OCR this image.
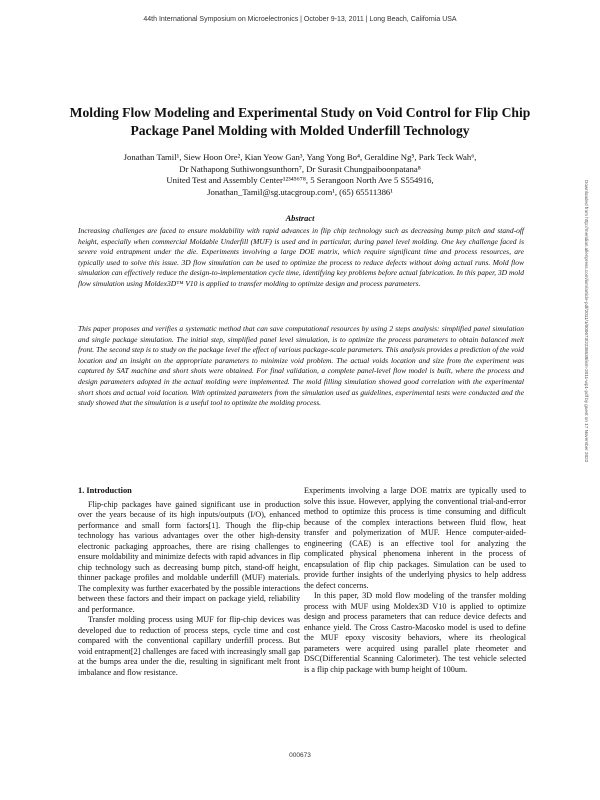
44th International Symposium on Microelectronics | October 9-13, 2011 | Long Beach, California USA
Downloaded from http://meridian.allenpress.com/ism/article-pdf/2011/1/000673/2236538/ism-2011-wp1-pdf by guest on 17 November 2022
Molding Flow Modeling and Experimental Study on Void Control for Flip Chip Package Panel Molding with Molded Underfill Technology
Jonathan Tamil¹, Siew Hoon Ore², Kian Yeow Gan³, Yang Yong Bo⁴, Geraldine Ng⁵, Park Teck Wah⁶,
Dr Nathapong Suthiwongsunthorn⁷, Dr Surasit Chungpaiboonpatana⁸
United Test and Assembly Center¹²³⁴⁵⁶⁷⁸, 5 Serangoon North Ave 5 S554916,
Jonathan_Tamil@sg.utacgroup.com¹, (65) 65511386¹
Abstract

Increasing challenges are faced to ensure moldability with rapid advances in flip chip technology such as decreasing bump pitch and stand-off height, especially when commercial Moldable Underfill (MUF) is used and in particular, during panel level molding. One key challenge faced is severe void entrapment under the die. Experiments involving a large DOE matrix, which require significant time and process resources, are typically used to solve this issue. 3D flow simulation can be used to optimize the process to reduce defects without doing actual runs. Mold flow simulation can effectively reduce the design-to-implementation cycle time, identifying key problems before actual fabrication. In this paper, 3D mold flow simulation using Moldex3D™ V10 is applied to transfer molding to optimize design and process parameters.

This paper proposes and verifies a systematic method that can save computational resources by using 2 steps analysis: simplified panel simulation and single package simulation. The initial step, simplified panel level simulation, is to optimize the process parameters to obtain balanced melt front. The second step is to study on the package level the effect of various package-scale parameters. This analysis provides a prediction of the void location and an insight on the appropriate parameters to minimize void problem. The actual voids location and size from the experiment was captured by SAT machine and short shots were obtained. For final validation, a complete panel-level flow model is built, where the process and design parameters adopted in the actual molding were implemented. The mold filling simulation showed good correlation with the experimental short shots and actual void location. With optimized parameters from the simulation used as guidelines, experimental tests were conducted and the study showed that the simulation is a useful tool to optimize the molding process.

1. Introduction

Flip-chip packages have gained significant use in production over the years because of its high inputs/outputs (I/O), enhanced performance and small form factors[1]. Though the flip-chip technology has various advantages over the other high-density electronic packaging approaches, there are rising challenges to ensure moldability and minimize defects with rapid advances in flip chip technology such as decreasing bump pitch, stand-off height, thinner package profiles and moldable underfill (MUF) materials. The complexity was further exacerbated by the possible interactions between these factors and their impact on package yield, reliability and performance.

Transfer molding process using MUF for flip-chip devices was developed due to reduction of process steps, cycle time and cost compared with the conventional capillary underfill process. But void entrapment[2] challenges are faced with increasingly small gap at the bumps area under the die, resulting in significant melt front imbalance and flow resistance.

Experiments involving a large DOE matrix are typically used to solve this issue. However, applying the conventional trial-and-error method to optimize this process is time consuming and difficult because of the complex interactions between fluid flow, heat transfer and polymerization of MUF. Hence computer-aided-engineering (CAE) is an effective tool for analyzing the complicated physical phenomena inherent in the process of encapsulation of flip chip packages. Simulation can be used to provide further insights of the underlying physics to help address the defect concerns.

In this paper, 3D mold flow modeling of the transfer molding process with MUF using Moldex3D V10 is applied to optimize design and process parameters that can reduce device defects and enhance yield. The Cross Castro-Macosko model is used to define the MUF epoxy viscosity behaviors, where its rheological parameters were acquired using parallel plate rheometer and DSC(Differential Scanning Calorimeter). The test vehicle selected is a flip chip package with bump height of 100um.

000673
